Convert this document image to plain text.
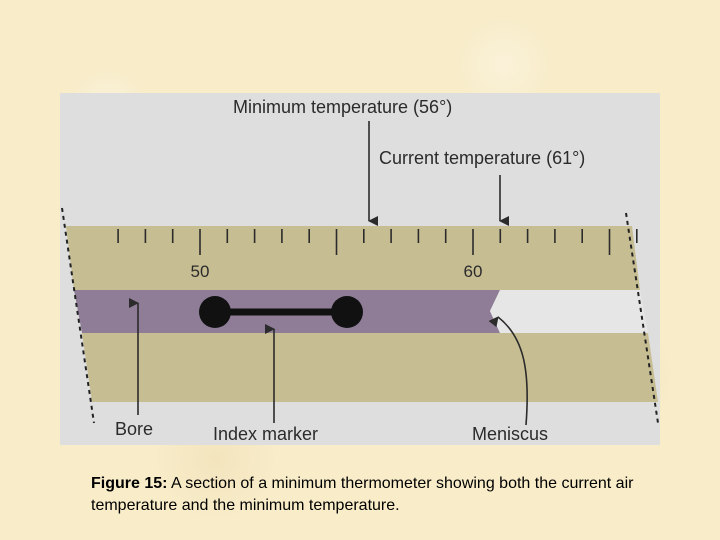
50	60
Minimum temperature (56°)
Current temperature (61°)
Bore	Index marker	Meniscus
Figure 15: A section of a minimum thermometer showing both the current air temperature and the minimum temperature.
